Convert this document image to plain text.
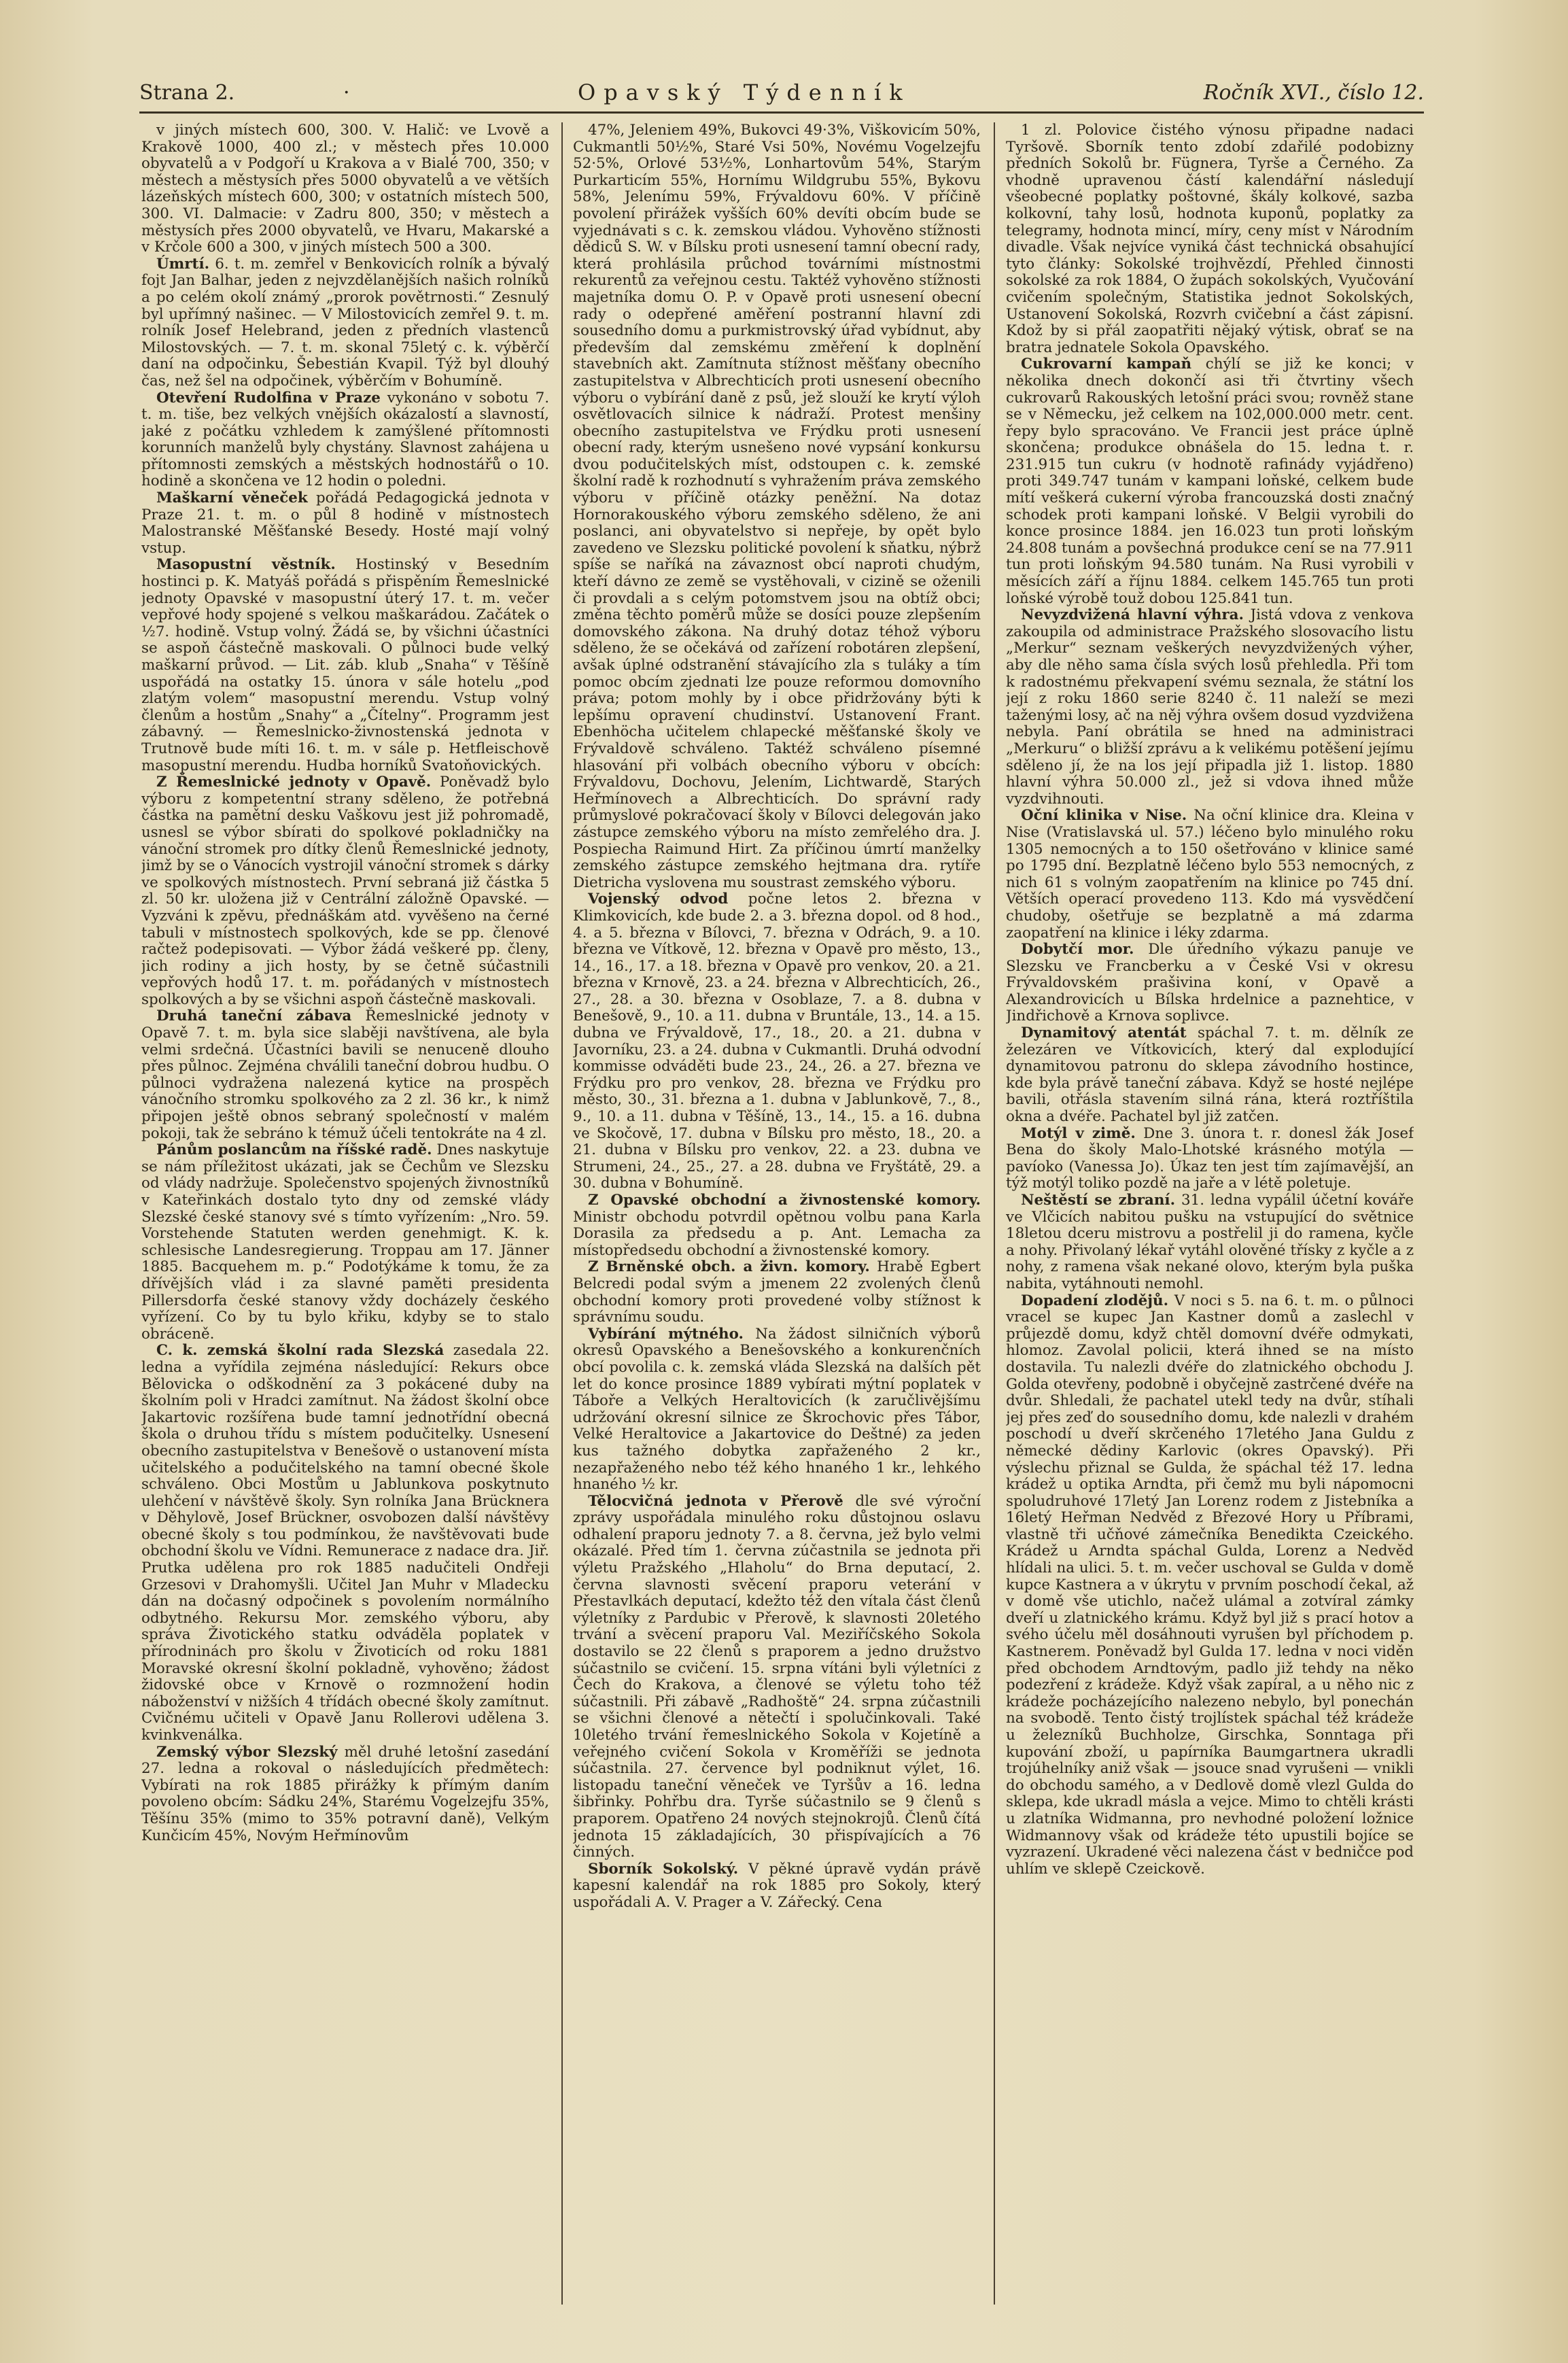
Strana 2.	·	Opavský Týdenník	Ročník XVI., číslo 12.

v jiných místech 600, 300. V. Halič: ve Lvově a Krakově 1000, 400 zl.; v městech přes 10.000 obyvatelů a v Podgoří u Krakova a v Bialé 700, 350; v městech a městysích přes 5000 obyvatelů a ve větších lázeňských místech 600, 300; v ostatních místech 500, 300. VI. Dalmacie: v Zadru 800, 350; v městech a městysích přes 2000 obyvatelů, ve Hvaru, Makarské a v Krčole 600 a 300, v jiných místech 500 a 300.

Úmrtí. 6. t. m. zemřel v Benkovicích rolník a bývalý fojt Jan Balhar, jeden z nejvzdělanějších našich rolníků a po celém okolí známý „prorok povětrnosti.“ Zesnulý byl upřímný našinec. — V Milostovicích zemřel 9. t. m. rolník Josef Helebrand, jeden z předních vlastenců Milostovských. — 7. t. m. skonal 75letý c. k. výběrčí daní na odpočinku, Šebestián Kvapil. Týž byl dlouhý čas, než šel na odpočinek, výběrčím v Bohumíně.

Otevření Rudolfina v Praze vykonáno v sobotu 7. t. m. tiše, bez velkých vnějších okázalostí a slavností, jaké z počátku vzhledem k zamýšlené přítomnosti korunních manželů byly chystány. Slavnost zahájena u přítomnosti zemských a městských hodnostářů o 10. hodině a skončena ve 12 hodin o poledni.

Maškarní věneček pořádá Pedagogická jednota v Praze 21. t. m. o půl 8 hodině v místnostech Malostranské Měšťanské Besedy. Hosté mají volný vstup.

Masopustní věstník. Hostinský v Besedním hostinci p. K. Matyáš pořádá s přispěním Řemeslnické jednoty Opavské v masopustní úterý 17. t. m. večer vepřové hody spojené s velkou maškarádou. Začátek o ½7. hodině. Vstup volný. Žádá se, by všichni účastníci se aspoň částečně maskovali. O půlnoci bude velký maškarní průvod. — Lit. záb. klub „Snaha“ v Těšíně uspořádá na ostatky 15. února v sále hotelu „pod zlatým volem“ masopustní merendu. Vstup volný členům a hostům „Snahy“ a „Čítelny“. Programm jest zábavný. — Řemeslnicko-živnostenská jednota v Trutnově bude míti 16. t. m. v sále p. Hetfleischově masopustní merendu. Hudba horníků Svatoňovických.

Z Řemeslnické jednoty v Opavě. Poněvadž bylo výboru z kompetentní strany sděleno, že potřebná částka na pamětní desku Vaškovu jest již pohromadě, usnesl se výbor sbírati do spolkové pokladničky na vánoční stromek pro dítky členů Řemeslnické jednoty, jimž by se o Vánocích vystrojil vánoční stromek s dárky ve spolkových místnostech. První sebraná již částka 5 zl. 50 kr. uložena již v Centrální záložně Opavské. — Vyzváni k zpěvu, přednáškám atd. vyvěšeno na černé tabuli v místnostech spolkových, kde se pp. členové račtež podepisovati. — Výbor žádá veškeré pp. členy, jich rodiny a jich hosty, by se četně súčastnili vepřových hodů 17. t. m. pořádaných v místnostech spolkových a by se všichni aspoň částečně maskovali.

Druhá taneční zábava Řemeslnické jednoty v Opavě 7. t. m. byla sice slaběji navštívena, ale byla velmi srdečná. Účastníci bavili se nenuceně dlouho přes půlnoc. Zejména chválili taneční dobrou hudbu. O půlnoci vydražena nalezená kytice na prospěch vánočního stromku spolkového za 2 zl. 36 kr., k nimž připojen ještě obnos sebraný společností v malém pokoji, tak že sebráno k témuž účeli tentokráte na 4 zl.

Pánům poslancům na říšské radě. Dnes naskytuje se nám příležitost ukázati, jak se Čechům ve Slezsku od vlády nadržuje. Společenstvo spojených živnostníků v Kateřinkách dostalo tyto dny od zemské vlády Slezské české stanovy své s tímto vyřízením: „Nro. 59. Vorstehende Statuten werden genehmigt. K. k. schlesische Landesregierung. Troppau am 17. Jänner 1885. Bacquehem m. p.“ Podotýkáme k tomu, že za dřívějších vlád i za slavné paměti presidenta Pillersdorfa české stanovy vždy docházely českého vyřízení. Co by tu bylo křiku, kdyby se to stalo obráceně.

C. k. zemská školní rada Slezská zasedala 22. ledna a vyřídila zejména následující: Rekurs obce Bělovicka o odškodnění za 3 pokácené duby na školním poli v Hradci zamítnut. Na žádost školní obce Jakartovic rozšířena bude tamní jednotřídní obecná škola o druhou třídu s místem podučitelky. Usnesení obecního zastupitelstva v Benešově o ustanovení místa učitelského a podučitelského na tamní obecné škole schváleno. Obci Mostům u Jablunkova poskytnuto ulehčení v návštěvě školy. Syn rolníka Jana Brücknera v Děhylově, Josef Brückner, osvobozen další návštěvy obecné školy s tou podmínkou, že navštěvovati bude obchodní školu ve Vídni. Remunerace z nadace dra. Jiř. Prutka udělena pro rok 1885 nadučiteli Ondřeji Grzesovi v Drahomyšli. Učitel Jan Muhr v Mladecku dán na dočasný odpočinek s povolením normálního odbytného. Rekursu Mor. zemského výboru, aby správa Životického statku odváděla poplatek v přírodninách pro školu v Životicích od roku 1881 Moravské okresní školní pokladně, vyhověno; žádost židovské obce v Krnově o rozmnožení hodin náboženství v nižších 4 třídách obecné školy zamítnut. Cvičnému učiteli v Opavě Janu Rollerovi udělena 3. kvinkvenálka.

Zemský výbor Slezský měl druhé letošní zasedání 27. ledna a rokoval o následujících předmětech: Vybírati na rok 1885 přirážky k přímým daním povoleno obcím: Sádku 24%, Starému Vogelzejfu 35%, Těšínu 35% (mimo to 35% potravní daně), Velkým Kunčicím 45%, Novým Heřmínovům

47%, Jeleniem 49%, Bukovci 49·3%, Viškovicím 50%, Cukmantli 50½%, Staré Vsi 50%, Novému Vogelzejfu 52·5%, Orlové 53½%, Lonhartovům 54%, Starým Purkarticím 55%, Hornímu Wildgrubu 55%, Bykovu 58%, Jelenímu 59%, Frývaldovu 60%. V příčině povolení přirážek vyšších 60% devíti obcím bude se vyjednávati s c. k. zemskou vládou. Vyhověno stížnosti dědiců S. W. v Bílsku proti usnesení tamní obecní rady, která prohlásila průchod továrními místnostmi rekurentů za veřejnou cestu. Taktéž vyhověno stížnosti majetníka domu O. P. v Opavě proti usnesení obecní rady o odepřené aměření postranní hlavní zdi sousedního domu a purkmistrovský úřad vybídnut, aby především dal zemskému změření k doplnění stavebních akt. Zamítnuta stížnost měšťany obecního zastupitelstva v Albrechticích proti usnesení obecního výboru o vybírání daně z psů, jež slouží ke krytí výloh osvětlovacích silnice k nádraží. Protest menšiny obecního zastupitelstva ve Frýdku proti usnesení obecní rady, kterým usnešeno nové vypsání konkursu dvou podučitelských míst, odstoupen c. k. zemské školní radě k rozhodnutí s vyhražením práva zemského výboru v příčině otázky peněžní. Na dotaz Hornorakouského výboru zemského sděleno, že ani poslanci, ani obyvatelstvo si nepřeje, by opět bylo zavedeno ve Slezsku politické povolení k sňatku, nýbrž spíše se naříká na závaznost obcí naproti chudým, kteří dávno ze země se vystěhovali, v cizině se oženili či provdali a s celým potomstvem jsou na obtíž obci; změna těchto poměrů může se dosíci pouze zlepšením domovského zákona. Na druhý dotaz téhož výboru sděleno, že se očekává od zařízení robotáren zlepšení, avšak úplné odstranění stávajícího zla s tuláky a tím pomoc obcím zjednati lze pouze reformou domovního práva; potom mohly by i obce přidržovány býti k lepšímu opravení chudinství. Ustanovení Frant. Ebenhöcha učitelem chlapecké měšťanské školy ve Frývaldově schváleno. Taktéž schváleno písemné hlasování při volbách obecního výboru v obcích: Frývaldovu, Dochovu, Jelením, Lichtwardě, Starých Heřmínovech a Albrechticích. Do správní rady průmyslové pokračovací školy v Bílovci delegován jako zástupce zemského výboru na místo zemřelého dra. J. Pospiecha Raimund Hirt. Za příčinou úmrtí manželky zemského zástupce zemského hejtmana dra. rytíře Dietricha vyslovena mu soustrast zemského výboru.

Vojenský odvod počne letos 2. března v Klimkovicích, kde bude 2. a 3. března dopol. od 8 hod., 4. a 5. března v Bílovci, 7. března v Odrách, 9. a 10. března ve Vítkově, 12. března v Opavě pro město, 13., 14., 16., 17. a 18. března v Opavě pro venkov, 20. a 21. března v Krnově, 23. a 24. března v Albrechticích, 26., 27., 28. a 30. března v Osoblaze, 7. a 8. dubna v Benešově, 9., 10. a 11. dubna v Bruntále, 13., 14. a 15. dubna ve Frývaldově, 17., 18., 20. a 21. dubna v Javorníku, 23. a 24. dubna v Cukmantli. Druhá odvodní kommisse odváděti bude 23., 24., 26. a 27. března ve Frýdku pro pro venkov, 28. března ve Frýdku pro město, 30., 31. března a 1. dubna v Jablunkově, 7., 8., 9., 10. a 11. dubna v Těšíně, 13., 14., 15. a 16. dubna ve Skočově, 17. dubna v Bílsku pro město, 18., 20. a 21. dubna v Bílsku pro venkov, 22. a 23. dubna ve Strumeni, 24., 25., 27. a 28. dubna ve Fryštátě, 29. a 30. dubna v Bohumíně.

Z Opavské obchodní a živnostenské komory. Ministr obchodu potvrdil opětnou volbu pana Karla Dorasila za předsedu a p. Ant. Lemacha za místopředsedu obchodní a živnostenské komory.

Z Brněnské obch. a živn. komory. Hrabě Egbert Belcredi podal svým a jmenem 22 zvolených členů obchodní komory proti provedené volby stížnost k správnímu soudu.

Vybírání mýtného. Na žádost silničních výborů okresů Opavského a Benešovského a konkurenčních obcí povolila c. k. zemská vláda Slezská na dalších pět let do konce prosince 1889 vybírati mýtní poplatek v Táboře a Velkých Heraltovicích (k zaručlivějšímu udržování okresní silnice ze Škrochovic přes Tábor, Velké Heraltovice a Jakartovice do Deštné) za jeden kus tažného dobytka zapřaženého 2 kr., nezapřaženého nebo též kého hnaného 1 kr., lehkého hnaného ½ kr.

Tělocvičná jednota v Přerově dle své výroční zprávy uspořádala minulého roku důstojnou oslavu odhalení praporu jednoty 7. a 8. června, jež bylo velmi okázalé. Před tím 1. června zúčastnila se jednota při výletu Pražského „Hlaholu“ do Brna deputací, 2. června slavnosti svěcení praporu veterání v Přestavlkách deputací, kdežto též den vítala část členů výletníky z Pardubic v Přerově, k slavnosti 20letého trvání a svěcení praporu Val. Meziříčského Sokola dostavilo se 22 členů s praporem a jedno družstvo súčastnilo se cvičení. 15. srpna vítáni byli výletníci z Čech do Krakova, a členové se výletu toho též súčastnili. Při zábavě „Radhoště“ 24. srpna zúčastnili se všichni členové a nětečtí i spolučinkovali. Také 10letého trvání řemeslnického Sokola v Kojetíně a veřejného cvičení Sokola v Kroměříži se jednota súčastnila. 27. července byl podniknut výlet, 16. listopadu taneční věneček ve Tyršův a 16. ledna šibřinky. Pohřbu dra. Tyrše súčastnilo se 9 členů s praporem. Opatřeno 24 nových stejnokrojů. Členů čítá jednota 15 základajících, 30 přispívajících a 76 činných.

Sborník Sokolský. V pěkné úpravě vydán právě kapesní kalendář na rok 1885 pro Sokoly, který uspořádali A. V. Prager a V. Zářecký. Cena

1 zl. Polovice čistého výnosu připadne nadaci Tyršově. Sborník tento zdobí zdařilé podobizny předních Sokolů br. Fügnera, Tyrše a Černého. Za vhodně upravenou částí kalendářní následují všeobecné poplatky poštovné, škály kolkové, sazba kolkovní, tahy losů, hodnota kuponů, poplatky za telegramy, hodnota mincí, míry, ceny míst v Národním divadle. Však nejvíce vyniká část technická obsahující tyto články: Sokolské trojhvězdí, Přehled činnosti sokolské za rok 1884, O župách sokolských, Vyučování cvičením společným, Statistika jednot Sokolských, Ustanovení Sokolská, Rozvrh cvičební a část zápisní. Kdož by si přál zaopatřiti nějaký výtisk, obrať se na bratra jednatele Sokola Opavského.

Cukrovarní kampaň chýlí se již ke konci; v několika dnech dokončí asi tři čtvrtiny všech cukrovarů Rakouských letošní práci svou; rovněž stane se v Německu, jež celkem na 102,000.000 metr. cent. řepy bylo spracováno. Ve Francii jest práce úplně skončena; produkce obnášela do 15. ledna t. r. 231.915 tun cukru (v hodnotě rafinády vyjádřeno) proti 349.747 tunám v kampani loňské, celkem bude mítí veškerá cukerní výroba francouzská dosti značný schodek proti kampani loňské. V Belgii vyrobili do konce prosince 1884. jen 16.023 tun proti loňským 24.808 tunám a povšechná produkce cení se na 77.911 tun proti loňským 94.580 tunám. Na Rusi vyrobili v měsících září a říjnu 1884. celkem 145.765 tun proti loňské výrobě touž dobou 125.841 tun.

Nevyzdvižená hlavní výhra. Jistá vdova z venkova zakoupila od administrace Pražského slosovacího listu „Merkur“ seznam veškerých nevyzdvižených výher, aby dle něho sama čísla svých losů přehledla. Při tom k radostnému překvapení svému seznala, že státní los její z roku 1860 serie 8240 č. 11 naleží se mezi taženými losy, ač na něj výhra ovšem dosud vyzdvižena nebyla. Paní obrátila se hned na administraci „Merkuru“ o bližší zprávu a k velikému potěšení jejímu sděleno jí, že na los její připadla již 1. listop. 1880 hlavní výhra 50.000 zl., jež si vdova ihned může vyzdvihnouti.

Oční klinika v Nise. Na oční klinice dra. Kleina v Nise (Vratislavská ul. 57.) léčeno bylo minulého roku 1305 nemocných a to 150 ošetřováno v klinice samé po 1795 dní. Bezplatně léčeno bylo 553 nemocných, z nich 61 s volným zaopatřením na klinice po 745 dní. Větších operací provedeno 113. Kdo má vysvědčení chudoby, ošetřuje se bezplatně a má zdarma zaopatření na klinice i léky zdarma.

Dobytčí mor. Dle úředního výkazu panuje ve Slezsku ve Francberku a v České Vsi v okresu Frývaldovském prašivina koní, v Opavě a Alexandrovicích u Bílska hrdelnice a paznehtice, v Jindřichově a Krnova soplivce.

Dynamitový atentát spáchal 7. t. m. dělník ze železáren ve Vítkovicích, který dal explodující dynamitovou patronu do sklepa závodního hostince, kde byla právě taneční zábava. Když se hosté nejlépe bavili, otřásla stavením silná rána, která roztříštila okna a dvéře. Pachatel byl již zatčen.

Motýl v zimě. Dne 3. února t. r. donesl žák Josef Bena do školy Malo-Lhotské krásného motýla — pavíoko (Vanessa Jo). Úkaz ten jest tím zajímavější, an týž motýl toliko pozdě na jaře a v létě poletuje.

Neštěstí se zbraní. 31. ledna vypálil účetní kováře ve Vlčicích nabitou pušku na vstupující do světnice 18letou dceru mistrovu a postřelil ji do ramena, kyčle a nohy. Přivolaný lékař vytáhl olověné třísky z kyčle a z nohy, z ramena však nekané olovo, kterým byla puška nabita, vytáhnouti nemohl.

Dopadení zlodějů. V noci s 5. na 6. t. m. o půlnoci vracel se kupec Jan Kastner domů a zaslechl v průjezdě domu, když chtěl domovní dvéře odmykati, hlomoz. Zavolal policii, která ihned se na místo dostavila. Tu nalezli dvéře do zlatnického obchodu J. Golda otevřeny, podobně i obyčejně zastrčené dvéře na dvůr. Shledali, že pachatel utekl tedy na dvůr, stíhali jej přes zeď do sousedního domu, kde nalezli v drahém poschodí u dveří skrčeného 17letého Jana Guldu z německé dědiny Karlovic (okres Opavský). Při výslechu přiznal se Gulda, že spáchal též 17. ledna krádež u optika Arndta, při čemž mu byli nápomocni spoludruhové 17letý Jan Lorenz rodem z Jistebníka a 16letý Heřman Nedvěd z Březové Hory u Příbrami, vlastně tři učňové zámečníka Benedikta Czeického. Krádež u Arndta spáchal Gulda, Lorenz a Nedvěd hlídali na ulici. 5. t. m. večer uschoval se Gulda v domě kupce Kastnera a v úkrytu v prvním poschodí čekal, až v domě vše utichlo, načež ulámal a zotvíral zámky dveří u zlatnického krámu. Když byl již s prací hotov a svého účelu měl dosáhnouti vyrušen byl příchodem p. Kastnerem. Poněvadž byl Gulda 17. ledna v noci viděn před obchodem Arndtovým, padlo již tehdy na něko podezření z krádeže. Když však zapíral, a u něho nic z krádeže pocházejícího nalezeno nebylo, byl ponechán na svobodě. Tento čistý trojlístek spáchal též krádeže u železníků Buchholze, Girschka, Sonntaga při kupování zboží, u papírníka Baumgartnera ukradli trojúhelníky aniž však — jsouce snad vyrušeni — vnikli do obchodu samého, a v Dedlově domě vlezl Gulda do sklepa, kde ukradl másla a vejce. Mimo to chtěli krásti u zlatníka Widmanna, pro nevhodné položení ložnice Widmannovy však od krádeže této upustili bojíce se vyzrazení. Ukradené věci nalezena část v bedničce pod uhlím ve sklepě Czeickově.
